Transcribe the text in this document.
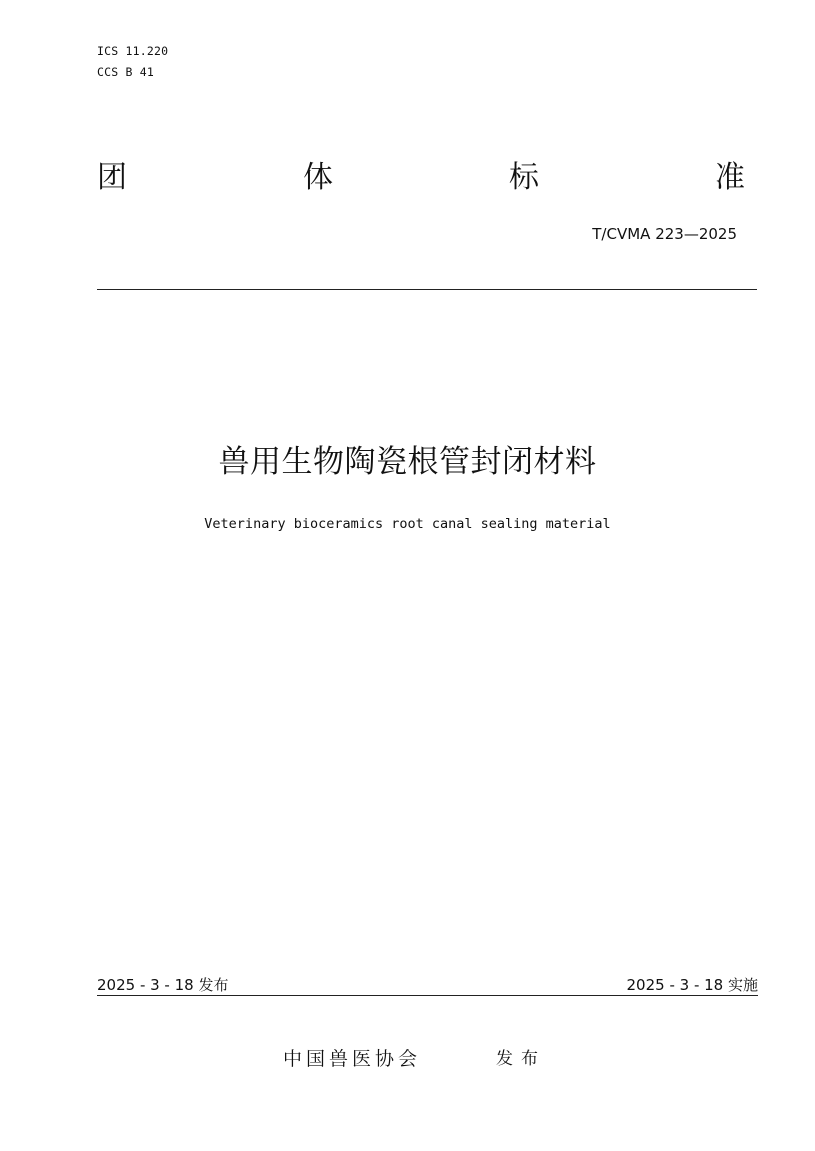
ICS 11.220
CCS B 41
团	体	标	准
T/CVMA 223—2025
兽用生物陶瓷根管封闭材料
Veterinary bioceramics root canal sealing material
2025 - 3 - 18 发布	2025 - 3 - 18 实施
中国兽医协会	发布
